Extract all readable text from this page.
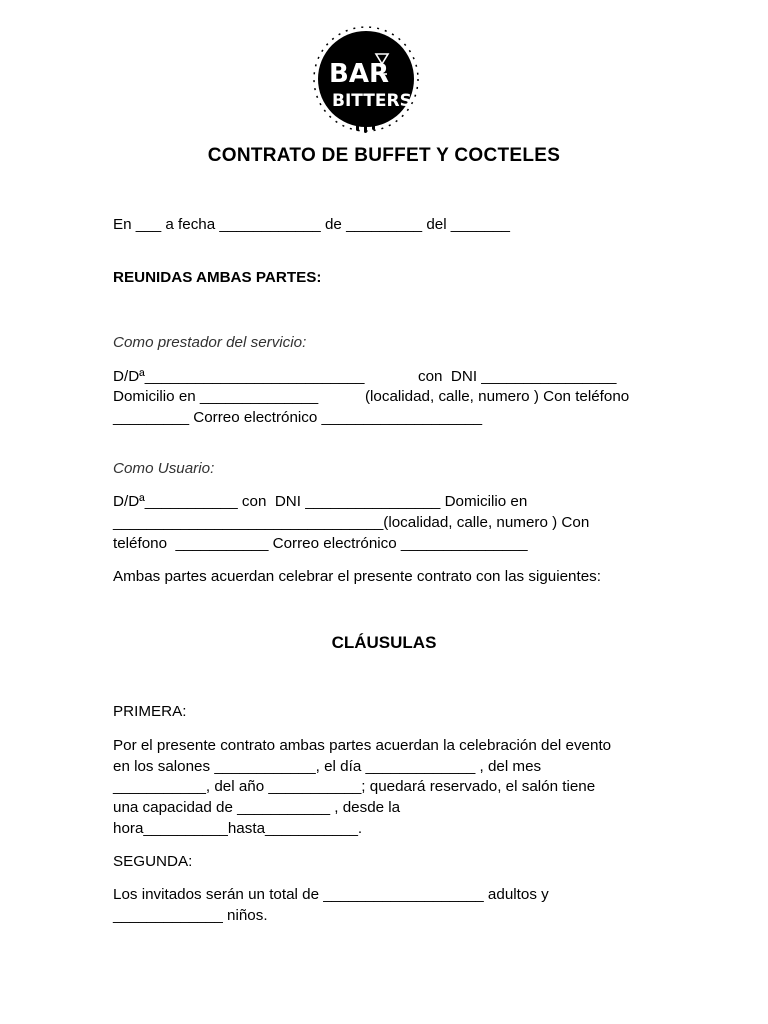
BAR
BITTERS
CONTRATO DE BUFFET Y COCTELES
En ___ a fecha ____________ de _________ del _______
REUNIDAS AMBAS PARTES:
Como prestador del servicio:
D/Dª__________________________	con  DNI ________________
Domicilio en ______________	(localidad, calle, numero ) Con teléfono
_________ Correo electrónico ___________________
Como Usuario:
D/Dª___________ con  DNI ________________ Domicilio en
________________________________(localidad, calle, numero ) Con
teléfono  ___________ Correo electrónico _______________
Ambas partes acuerdan celebrar el presente contrato con las siguientes:
CLÁUSULAS
PRIMERA:
Por el presente contrato ambas partes acuerdan la celebración del evento
en los salones ____________, el día _____________ , del mes
___________, del año ___________; quedará reservado, el salón tiene
una capacidad de ___________ , desde la
hora__________hasta___________.
SEGUNDA:
Los invitados serán un total de ___________________ adultos y
_____________ niños.
